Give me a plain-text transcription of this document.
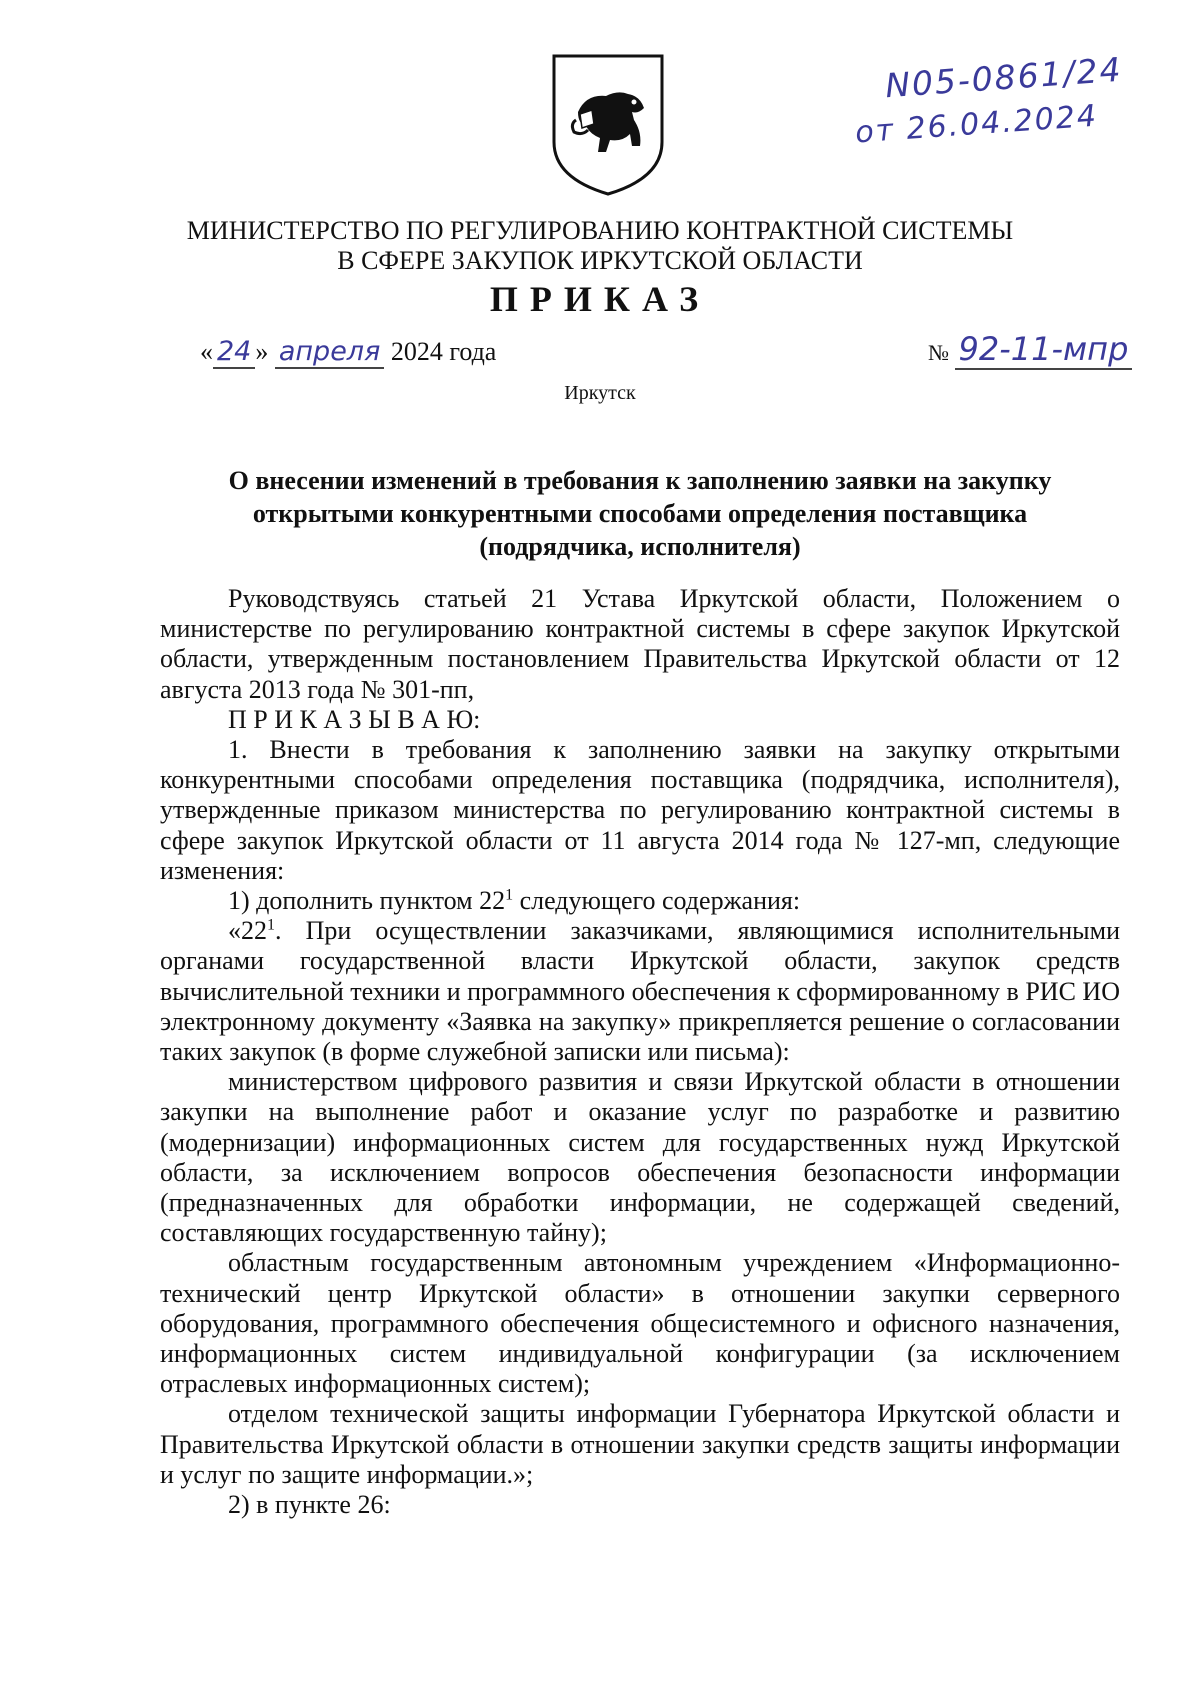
N05-0861/24
от 26.04.2024
МИНИСТЕРСТВО ПО РЕГУЛИРОВАНИЮ КОНТРАКТНОЙ СИСТЕМЫ
В СФЕРЕ ЗАКУПОК ИРКУТСКОЙ ОБЛАСТИ
ПРИКАЗ
« 24 » апреля 2024 года	№ 92-11-мпр
Иркутск
О внесении изменений в требования к заполнению заявки на закупку
открытыми конкурентными способами определения поставщика
(подрядчика, исполнителя)

Руководствуясь статьей 21 Устава Иркутской области, Положением о министерстве по регулированию контрактной системы в сфере закупок Иркутской области, утвержденным постановлением Правительства Иркутской области от 12 августа 2013 года № 301-пп,

П Р И К А З Ы В А Ю:

1. Внести в требования к заполнению заявки на закупку открытыми конкурентными способами определения поставщика (подрядчика, исполнителя), утвержденные приказом министерства по регулированию контрактной системы в сфере закупок Иркутской области от 11 августа 2014 года № 127-мп, следующие изменения:

1) дополнить пунктом $22^1$ следующего содержания:

«$22^1$. При осуществлении заказчиками, являющимися исполнительными органами государственной власти Иркутской области, закупок средств вычислительной техники и программного обеспечения к сформированному в РИС ИО электронному документу «Заявка на закупку» прикрепляется решение о согласовании таких закупок (в форме служебной записки или письма):

министерством цифрового развития и связи Иркутской области в отношении закупки на выполнение работ и оказание услуг по разработке и развитию (модернизации) информационных систем для государственных нужд Иркутской области, за исключением вопросов обеспечения безопасности информации (предназначенных для обработки информации, не содержащей сведений, составляющих государственную тайну);

областным государственным автономным учреждением «Информационно-технический центр Иркутской области» в отношении закупки серверного оборудования, программного обеспечения общесистемного и офисного назначения, информационных систем индивидуальной конфигурации (за исключением отраслевых информационных систем);

отделом технической защиты информации Губернатора Иркутской области и Правительства Иркутской области в отношении закупки средств защиты информации и услуг по защите информации.»;

2) в пункте 26:
